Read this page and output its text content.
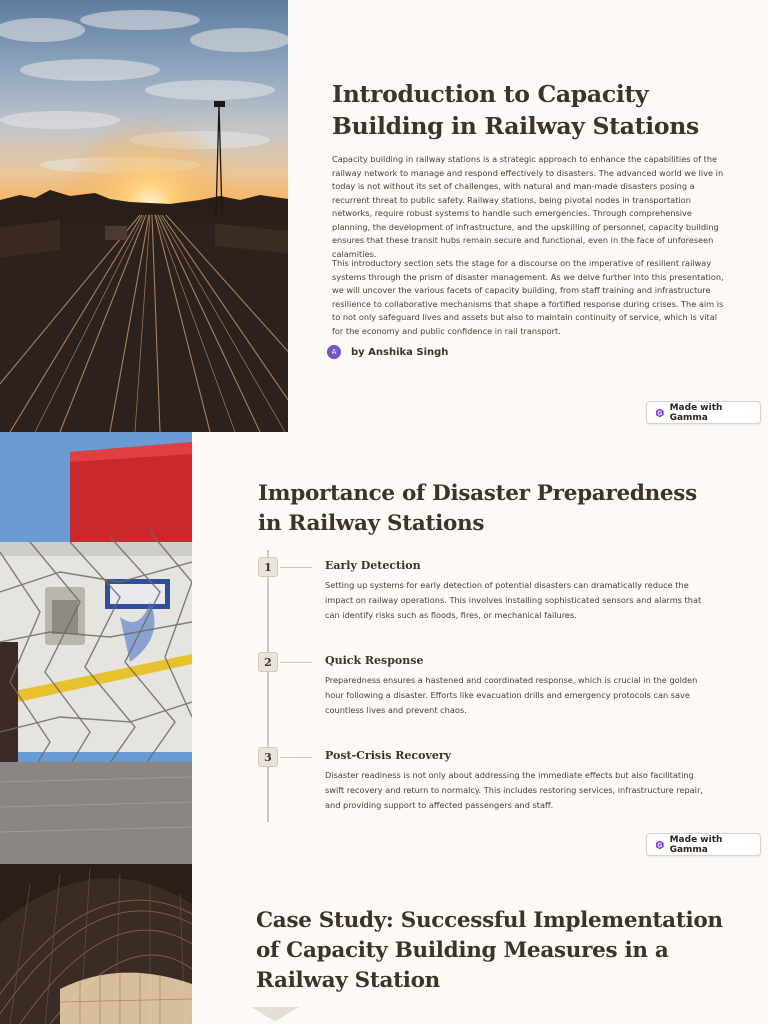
Introduction to Capacity Building in Railway Stations

Capacity building in railway stations is a strategic approach to enhance the capabilities of the railway network to manage and respond effectively to disasters. The advanced world we live in today is not without its set of challenges, with natural and man-made disasters posing a recurrent threat to public safety. Railway stations, being pivotal nodes in transportation networks, require robust systems to handle such emergencies. Through comprehensive planning, the development of infrastructure, and the upskilling of personnel, capacity building ensures that these transit hubs remain secure and functional, even in the face of unforeseen calamities.

This introductory section sets the stage for a discourse on the imperative of resilient railway systems through the prism of disaster management. As we delve further into this presentation, we will uncover the various facets of capacity building, from staff training and infrastructure resilience to collaborative mechanisms that shape a fortified response during crises. The aim is to not only safeguard lives and assets but also to maintain continuity of service, which is vital for the economy and public confidence in rail transport.

A	by Anshika Singh
Made with Gamma
Importance of Disaster Preparedness in Railway Stations
1	Early Detection
Setting up systems for early detection of potential disasters can dramatically reduce the impact on railway operations. This involves installing sophisticated sensors and alarms that can identify risks such as floods, fires, or mechanical failures.
2	Quick Response
Preparedness ensures a hastened and coordinated response, which is crucial in the golden hour following a disaster. Efforts like evacuation drills and emergency protocols can save countless lives and prevent chaos.
3	Post-Crisis Recovery
Disaster readiness is not only about addressing the immediate effects but also facilitating swift recovery and return to normalcy. This includes restoring services, infrastructure repair, and providing support to affected passengers and staff.
Made with Gamma
Case Study: Successful Implementation of Capacity Building Measures in a Railway Station
